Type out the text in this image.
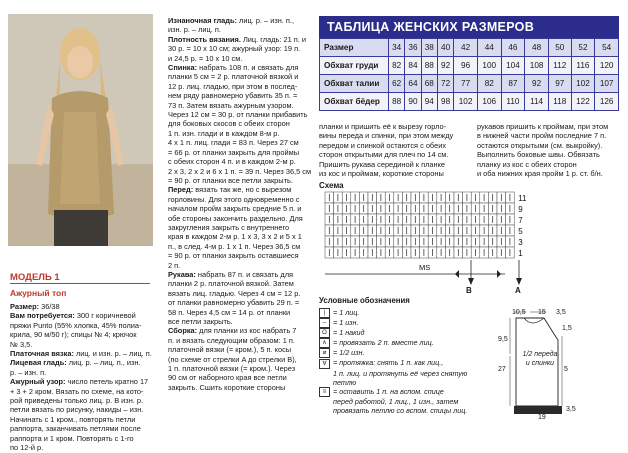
МОДЕЛЬ 1
Ажурный топ
Размер: 36/38
Вам потребуется: 300 г коричневой
пряжи Punto (55% хлопка, 45% полиа-
крила, 90 м/50 г); спицы № 4; крючок
№ 3,5.
Платочная вязка: лиц. и изн. р. – лиц. п.
Лицевая гладь: лиц. р. – лиц. п., изн.
р. – изн. п.
Ажурный узор: число петель кратно 17
+ 3 + 2 кром. Вязать по схеме, на кото-
рой приведены только лиц. р. В изн. р.
петли вязать по рисунку, накиды – изн.
Начинать с 1 кром., повторять петли
раппорта, заканчивать петлями после
раппорта и 1 кром. Повторять с 1-го
по 12-й р.
Изнаночная гладь: лиц. р. – изн. п.,
изн. р. – лиц. п.
Плотность вязания. Лиц. гладь: 21 п. и
30 р. = 10 х 10 см; ажурный узор: 19 п.
и 24,5 р. = 10 х 10 см.
Спинка: набрать 108 п. и связать для
планки 5 см = 2 р. платочной вязкой и
12 р. лиц. гладью, при этом в послед-
нем ряду равномерно убавить 35 п. =
73 п. Затем вязать ажурным узором.
Через 12 см = 30 р. от планки прибавить
для боковых скосов с обеих сторон
1 п. изн. глади и в каждом 8-м р.
4 х 1 п. лиц. глади = 83 п. Через 27 см
= 66 р. от планки закрыть для проймы
с обеих сторон 4 п. и в каждом 2-м р.
2 х 3, 2 х 2 и 6 х 1 п. = 39 п. Через 36,5 см
= 90 р. от планки все петли закрыть.
Перед: вязать так же, но с вырезом
горловины. Для этого одновременно с
началом пройм закрыть средние 5 п. и
обе стороны закончить раздельно. Для
закругления закрыть с внутреннего
края в каждом 2-м р. 1 х 3, 3 х 2 и 5 х 1
п., в след. 4-м р. 1 х 1 п. Через 36,5 см
= 90 р. от планки закрыть оставшиеся
2 п.
Рукава: набрать 87 п. и связать для
планки 2 р. платочной вязкой. Затем
вязать лиц. гладью. Через 4 см = 12 р.
от планки равномерно убавить 29 п. =
58 п. Через 4,5 см = 14 р. от планки
все петли закрыть.
Сборка: для планки из кос набрать 7
п. и вязать следующим образом: 1 п.
платочной вязки (= кром.), 5 п. косы
(по схеме от стрелки A до стрелки B),
1 п. платочной вязки (= кром.). Через
90 см от наборного края все петли
закрыть. Сшить короткие стороны
ТАБЛИЦА ЖЕНСКИХ РАЗМЕРОВ
Размер	34	36	38	40	42	44	46	48	50	52	54
Обхват груди	82	84	88	92	96	100	104	108	112	116	120
Обхват талии	62	64	68	72	77	82	87	92	97	102	107
Обхват бёдер	88	90	94	98	102	106	110	114	118	122	126
планки и пришить её к вырезу горло-
вины переда и спинки, при этом между
передом и спинкой остаются с обеих
сторон открытыми для плеч по 14 см.
Пришить рукава серединой к планке
из кос и проймам, короткие стороны
рукавов пришить к проймам, при этом
в нижней части пройм последние 7 п.
остаются открытыми (см. выкройку).
Выполнить боковые швы. Обвязать
планку из кос с обеих сторон
и оба нижних края пройм 1 р. ст. б/н.
Схема
11
9
7
5
3
1
MS
B	A
Условные обозначения
| = 1 лиц.
– = 1 изн.
O = 1 накид
∧ = провязать 2 п. вместе лиц.
⌀ = 1/2 изн.
∀ = протяжка: снять 1 п. как лиц.,
1 п. лиц. и протянуть её через снятую
петлю
≡ = оставить 1 п. на вспом. спице
перед работой, 1 лиц., 1 изн., затем
провязать петлю со вспом. спицы лиц.
10,5 15 3,5
1,5
9,5
27	5
19
3,5
1/2 переда и спинки
